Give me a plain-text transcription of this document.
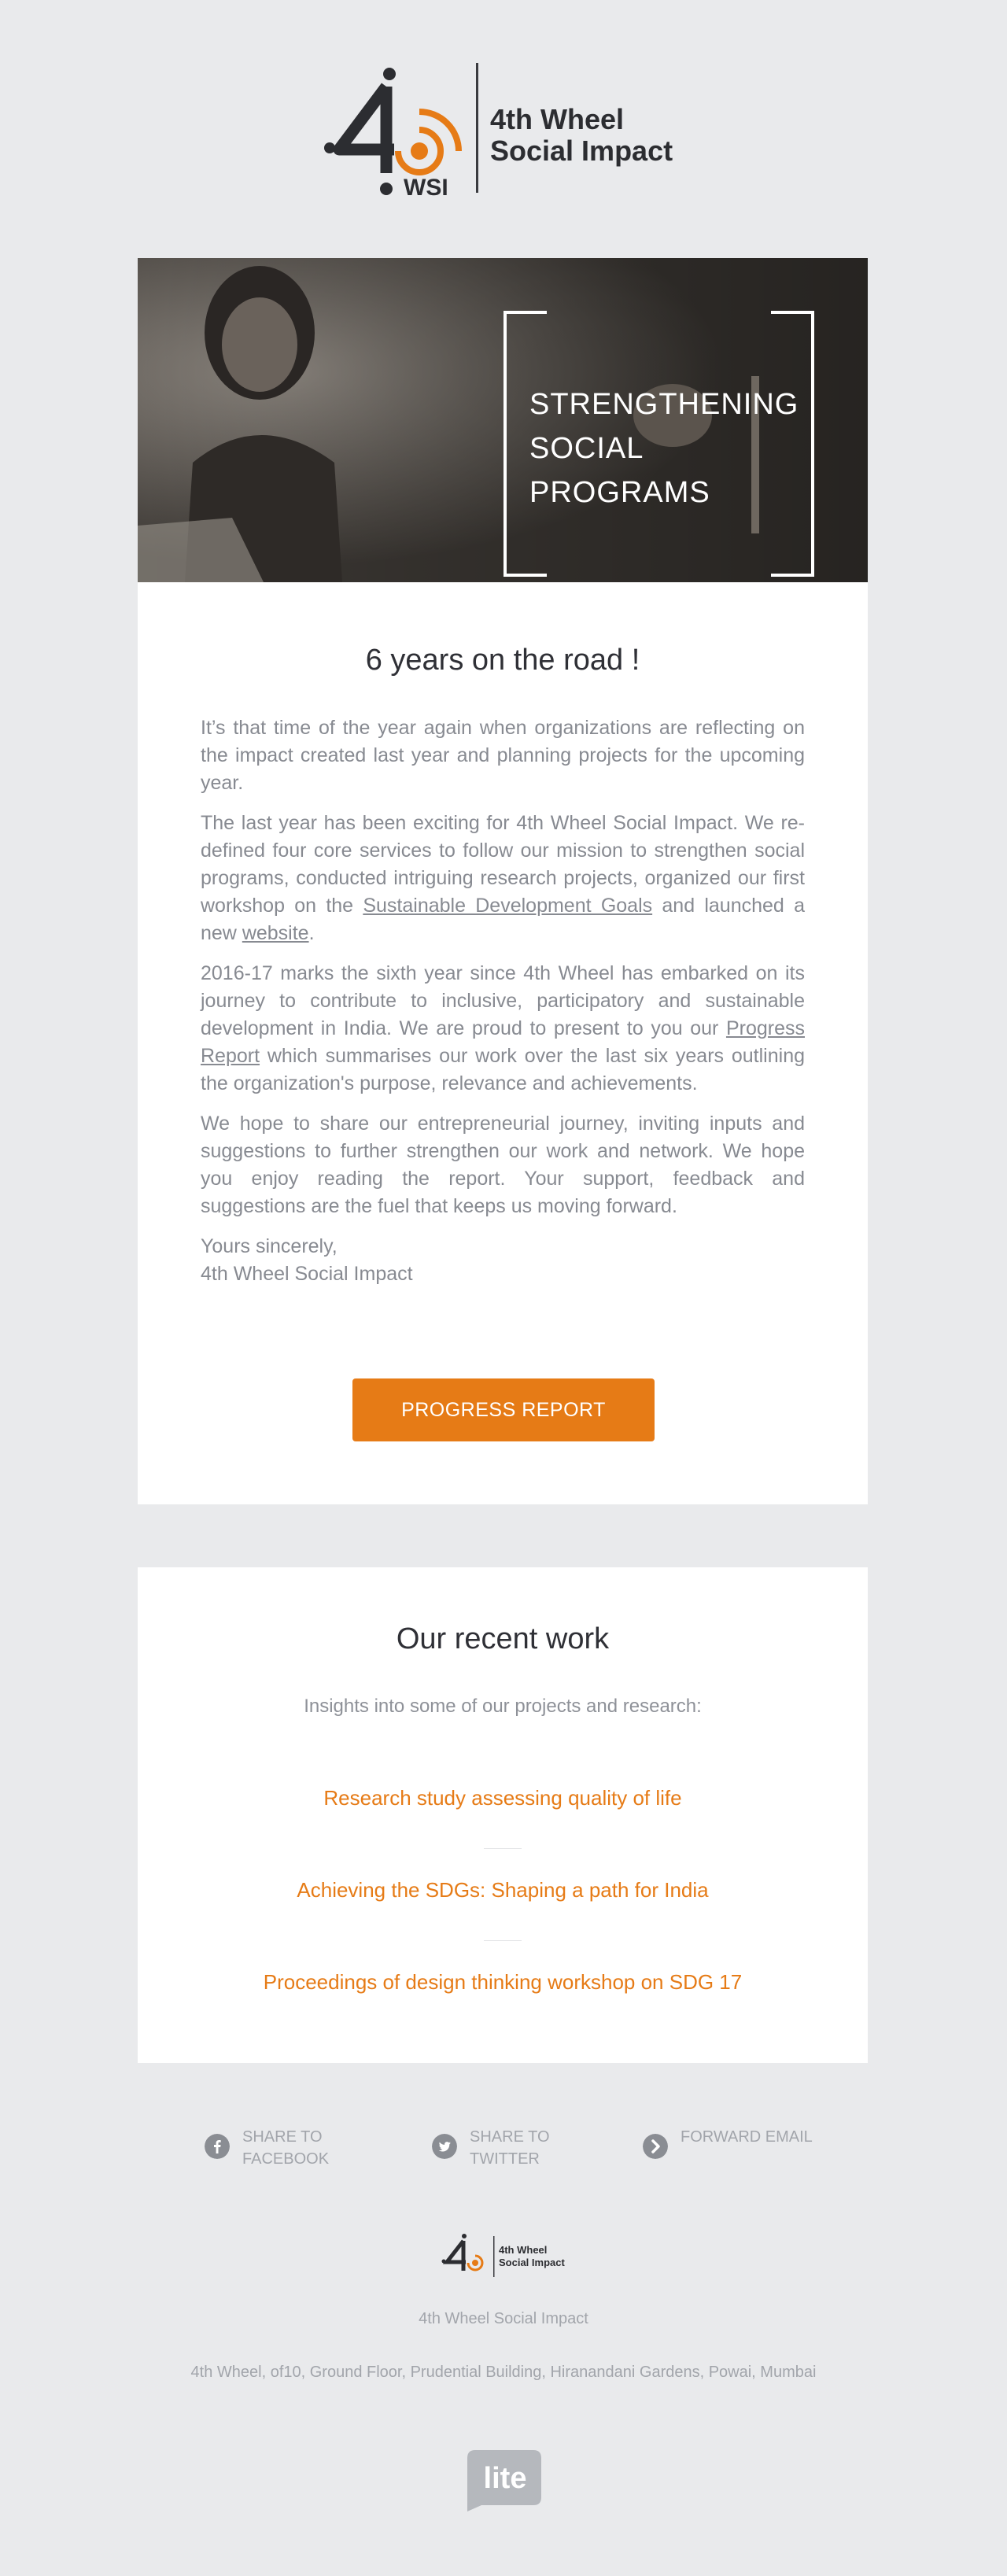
WSI
4th Wheel
Social Impact
STRENGTHENING
SOCIAL
PROGRAMS
6 years on the road !

It’s that time of the year again when organizations are reflecting on the impact created last year and planning projects for the upcoming year.

The last year has been exciting for 4th Wheel Social Impact. We re-defined four core services to follow our mission to strengthen social programs, conducted intriguing research projects, organized our first workshop on the Sustainable Development Goals and launched a new website.

2016-17 marks the sixth year since 4th Wheel has embarked on its journey to contribute to inclusive, participatory and sustainable development in India. We are proud to present to you our Progress Report which summarises our work over the last six years outlining the organization's purpose, relevance and achievements.

We hope to share our entrepreneurial journey, inviting inputs and suggestions to further strengthen our work and network. We hope you enjoy reading the report. Your support, feedback and suggestions are the fuel that keeps us moving forward.

Yours sincerely,
4th Wheel Social Impact

PROGRESS REPORT
Our recent work
Insights into some of our projects and research:
Research study assessing quality of life
Achieving the SDGs: Shaping a path for India
Proceedings of design thinking workshop on SDG 17
SHARE TO FACEBOOK
SHARE TO
TWITTER
FORWARD EMAIL
4th Wheel
Social Impact
4th Wheel Social Impact
4th Wheel, of10, Ground Floor, Prudential Building, Hiranandani Gardens, Powai, Mumbai
lite
